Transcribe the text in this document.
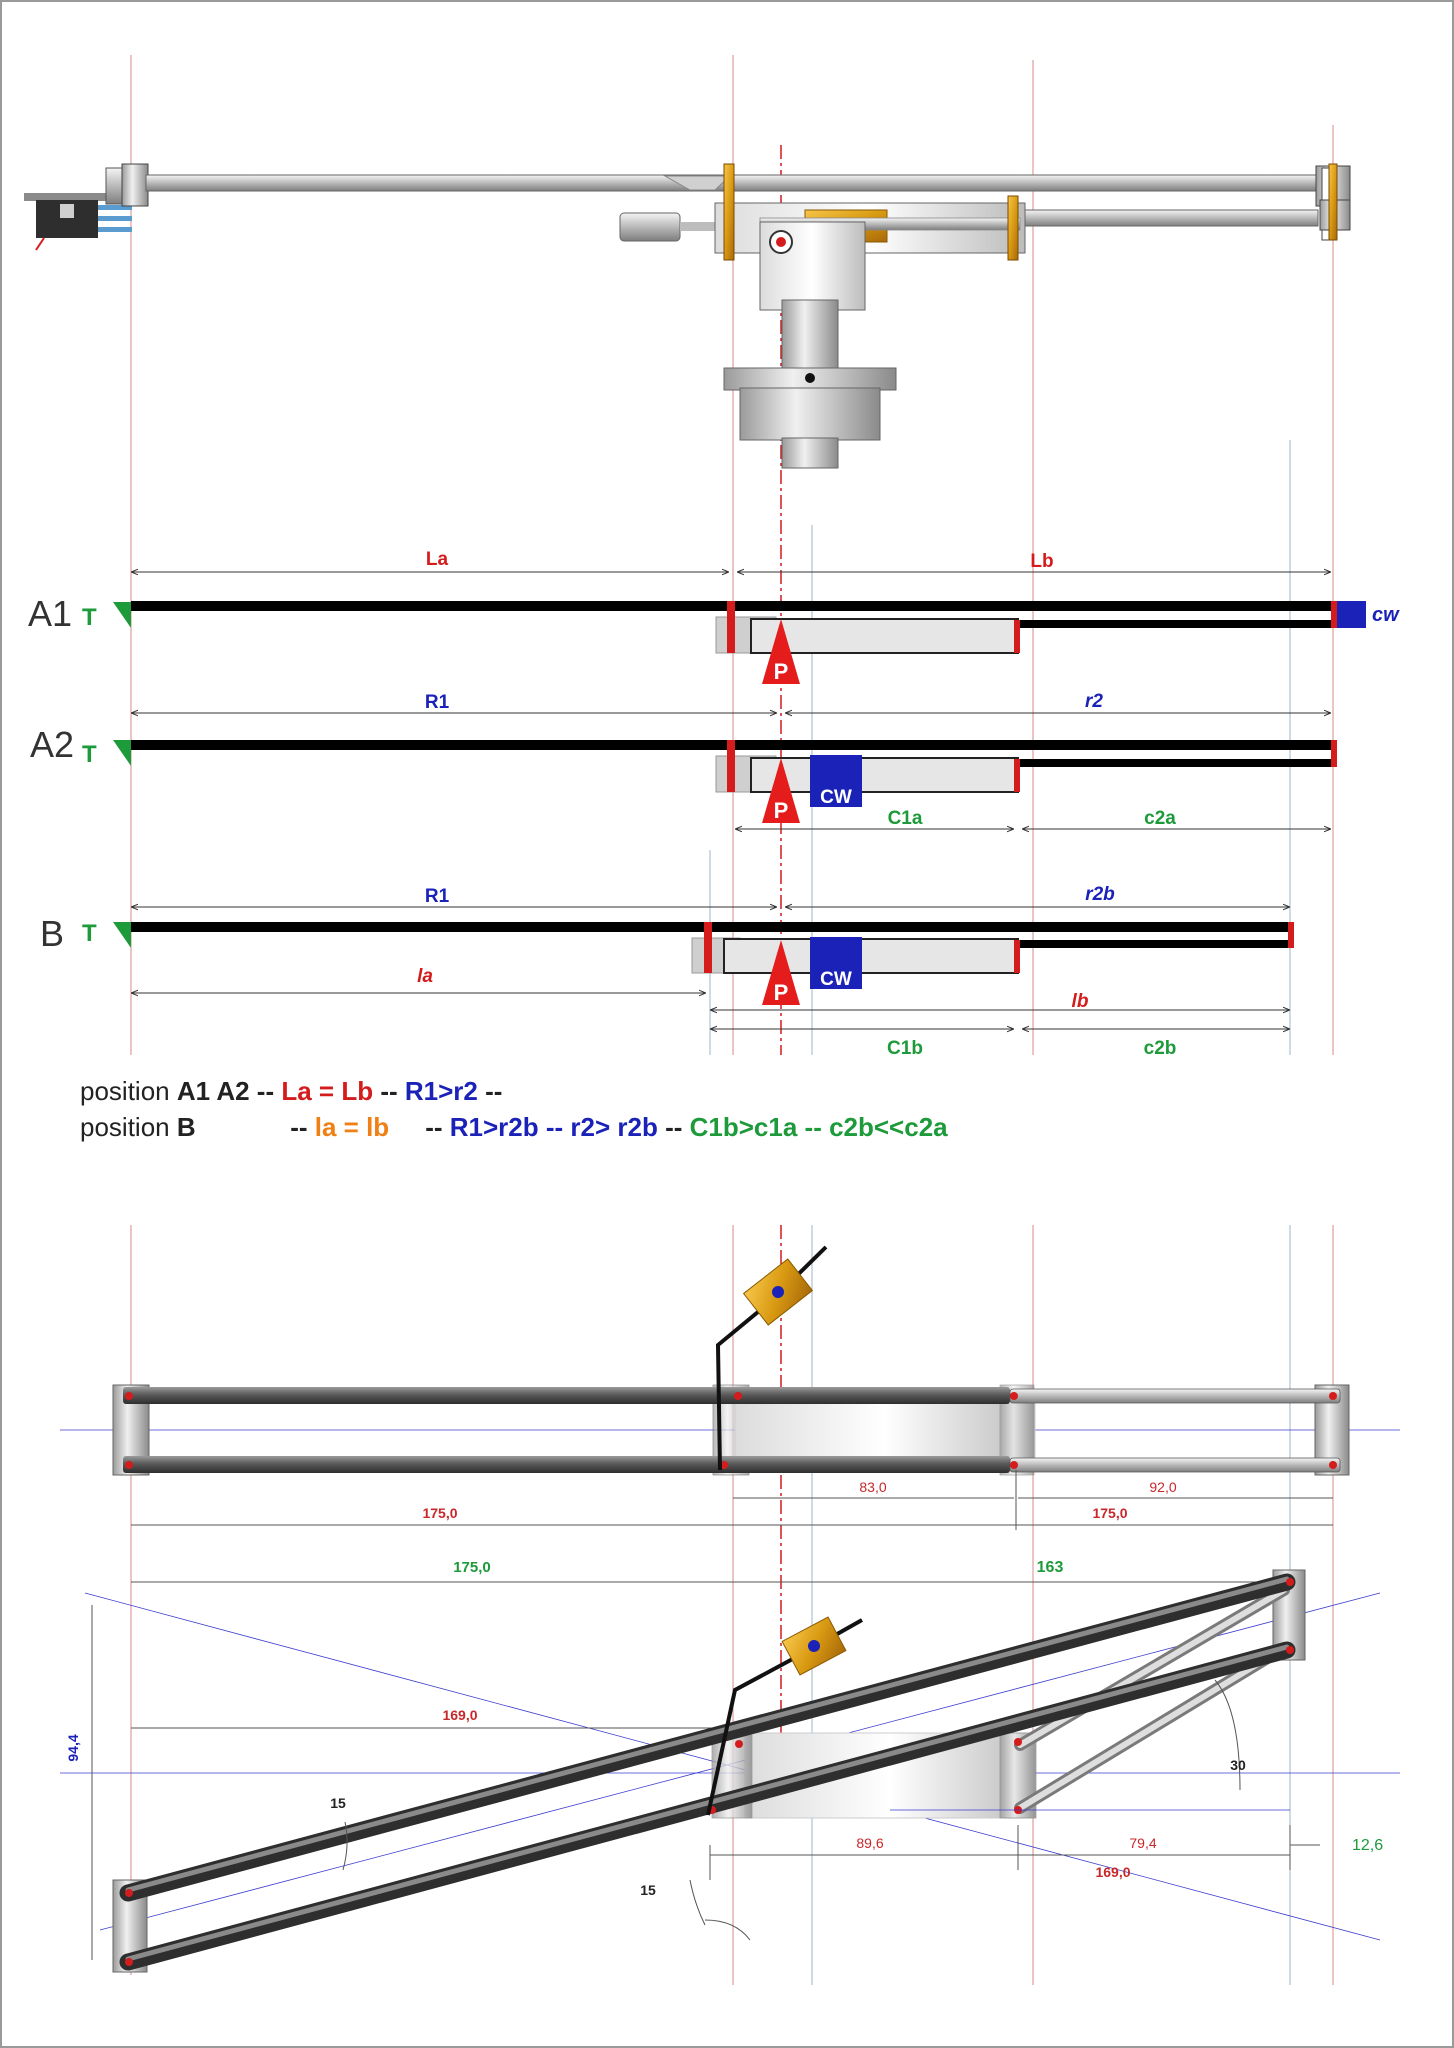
La	Lb
A1 T	cw
P
R1	r2
A2 T
CW
P	C1a	c2a
R1	r2b
B T
CW
P
la
lb
C1b	c2b
position A1 A2 -- La = Lb -- R1>r2 --
position B	-- la = lb  -- R1>r2b -- r2> r2b -- C1b>c1a -- c2b<<c2a
83,0	92,0
175,0	175,0
175,0	163
94,4
169,0
15
30
15
89,6	79,4
169,0
12,6
